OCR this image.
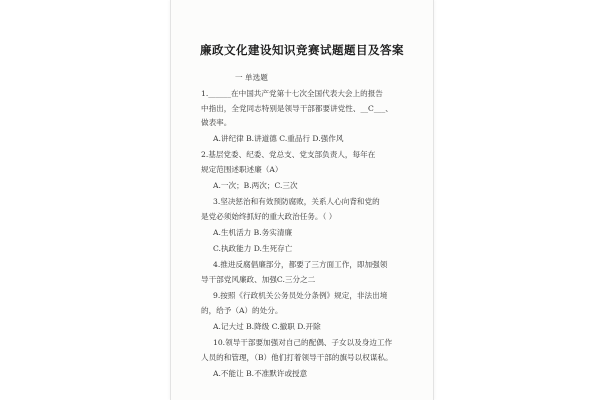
廉政文化建设知识竞赛试题题目及答案
一 单选题
1.______在中国共产党第十七次全国代表大会上的报告
中指出，全党同志特别是领导干部都要讲党性、__C___、
做表率。
A.讲纪律 B.讲道德 C.重品行 D.强作风
2.基层党委、纪委、党总支、党支部负责人，每年在
规定范围述职述廉（A）
A.一次；B.两次；C.三次
3.坚决惩治和有效预防腐败，关系人心向背和党的
是党必须始终抓好的重大政治任务。（ ）
A.生机活力 B.务实清廉
C.执政能力 D.生死存亡
4.推进反腐倡廉部分，都要了三方面工作，即加强领
导干部党风廉政、加强C.三分之二
9.按照《行政机关公务员处分条例》规定，非法出境
的，给予（A）的处分。
A.记大过 B.降级 C.撤职 D.开除
10.领导干部要加强对自己的配偶、子女以及身边工作
人员的和管理，（B）他们打着领导干部的旗号以权谋私。
A.不能让 B.不准默许或授意
